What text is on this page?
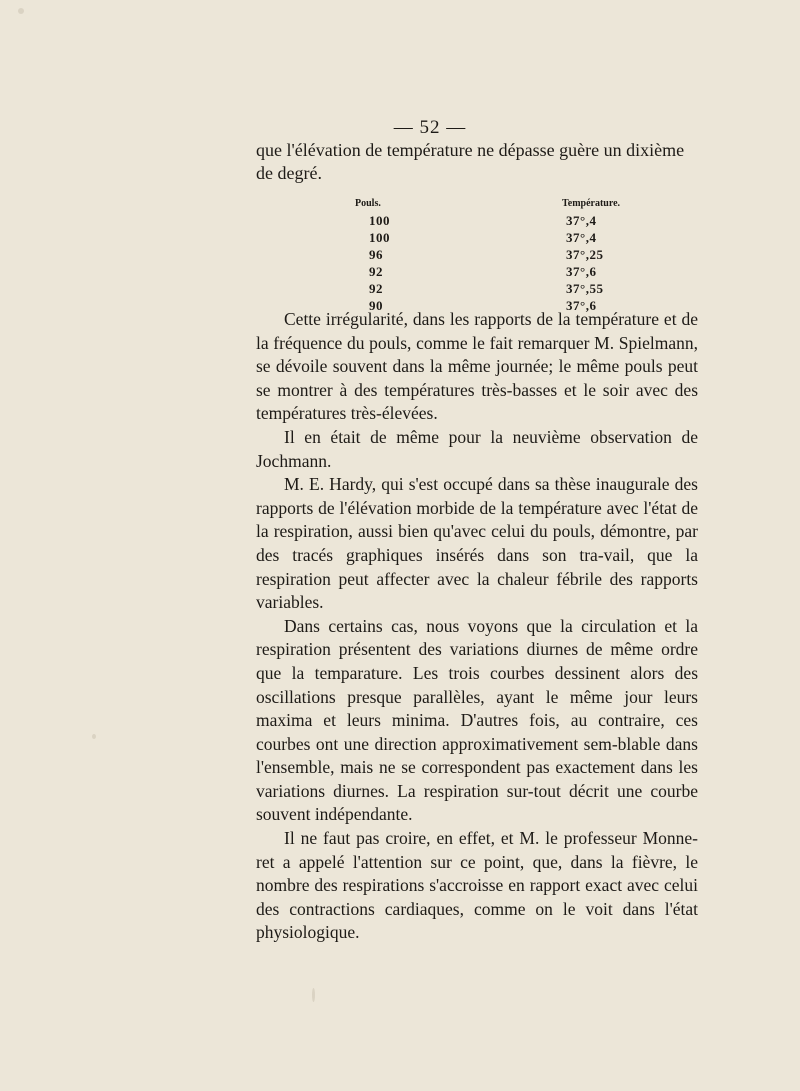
— 52 —

que l'élévation de température ne dépasse guère un dixième

de degré.

Pouls.	Température.
100	37°,4
100	37°,4
96	37°,25
92	37°,6
92	37°,55
90	37°,6

Cette irrégularité, dans les rapports de la température et de la fréquence du pouls, comme le fait remarquer M. Spielmann, se dévoile souvent dans la même journée; le même pouls peut se montrer à des températures très-basses et le soir avec des températures très-élevées.

Il en était de même pour la neuvième observation de Jochmann.

M. E. Hardy, qui s'est occupé dans sa thèse inaugurale des rapports de l'élévation morbide de la température avec l'état de la respiration, aussi bien qu'avec celui du pouls, démontre, par des tracés graphiques insérés dans son tra-vail, que la respiration peut affecter avec la chaleur fébrile des rapports variables.

Dans certains cas, nous voyons que la circulation et la respiration présentent des variations diurnes de même ordre que la temparature. Les trois courbes dessinent alors des oscillations presque parallèles, ayant le même jour leurs maxima et leurs minima. D'autres fois, au contraire, ces courbes ont une direction approximativement sem-blable dans l'ensemble, mais ne se correspondent pas exactement dans les variations diurnes. La respiration sur-tout décrit une courbe souvent indépendante.

Il ne faut pas croire, en effet, et M. le professeur Monne-ret a appelé l'attention sur ce point, que, dans la fièvre, le nombre des respirations s'accroisse en rapport exact avec celui des contractions cardiaques, comme on le voit dans l'état physiologique.
